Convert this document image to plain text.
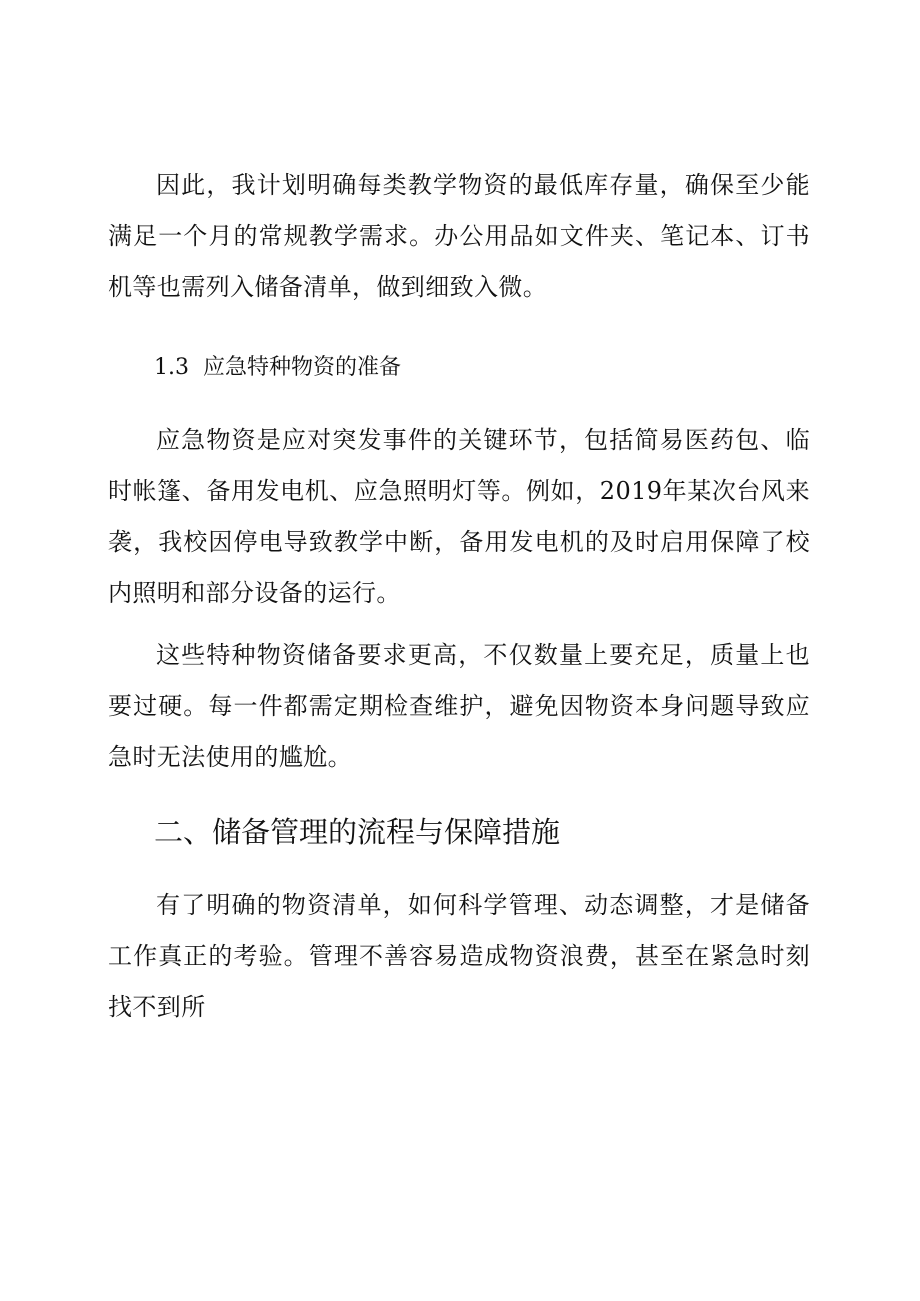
因此，我计划明确每类教学物资的最低库存量，确保至少能满足一个月的常规教学需求。办公用品如文件夹、笔记本、订书机等也需列入储备清单，做到细致入微。

1.3 应急特种物资的准备

应急物资是应对突发事件的关键环节，包括简易医药包、临时帐篷、备用发电机、应急照明灯等。例如，2019年某次台风来袭，我校因停电导致教学中断，备用发电机的及时启用保障了校内照明和部分设备的运行。

这些特种物资储备要求更高，不仅数量上要充足，质量上也要过硬。每一件都需定期检查维护，避免因物资本身问题导致应急时无法使用的尴尬。

二、储备管理的流程与保障措施

有了明确的物资清单，如何科学管理、动态调整，才是储备工作真正的考验。管理不善容易造成物资浪费，甚至在紧急时刻找不到所
